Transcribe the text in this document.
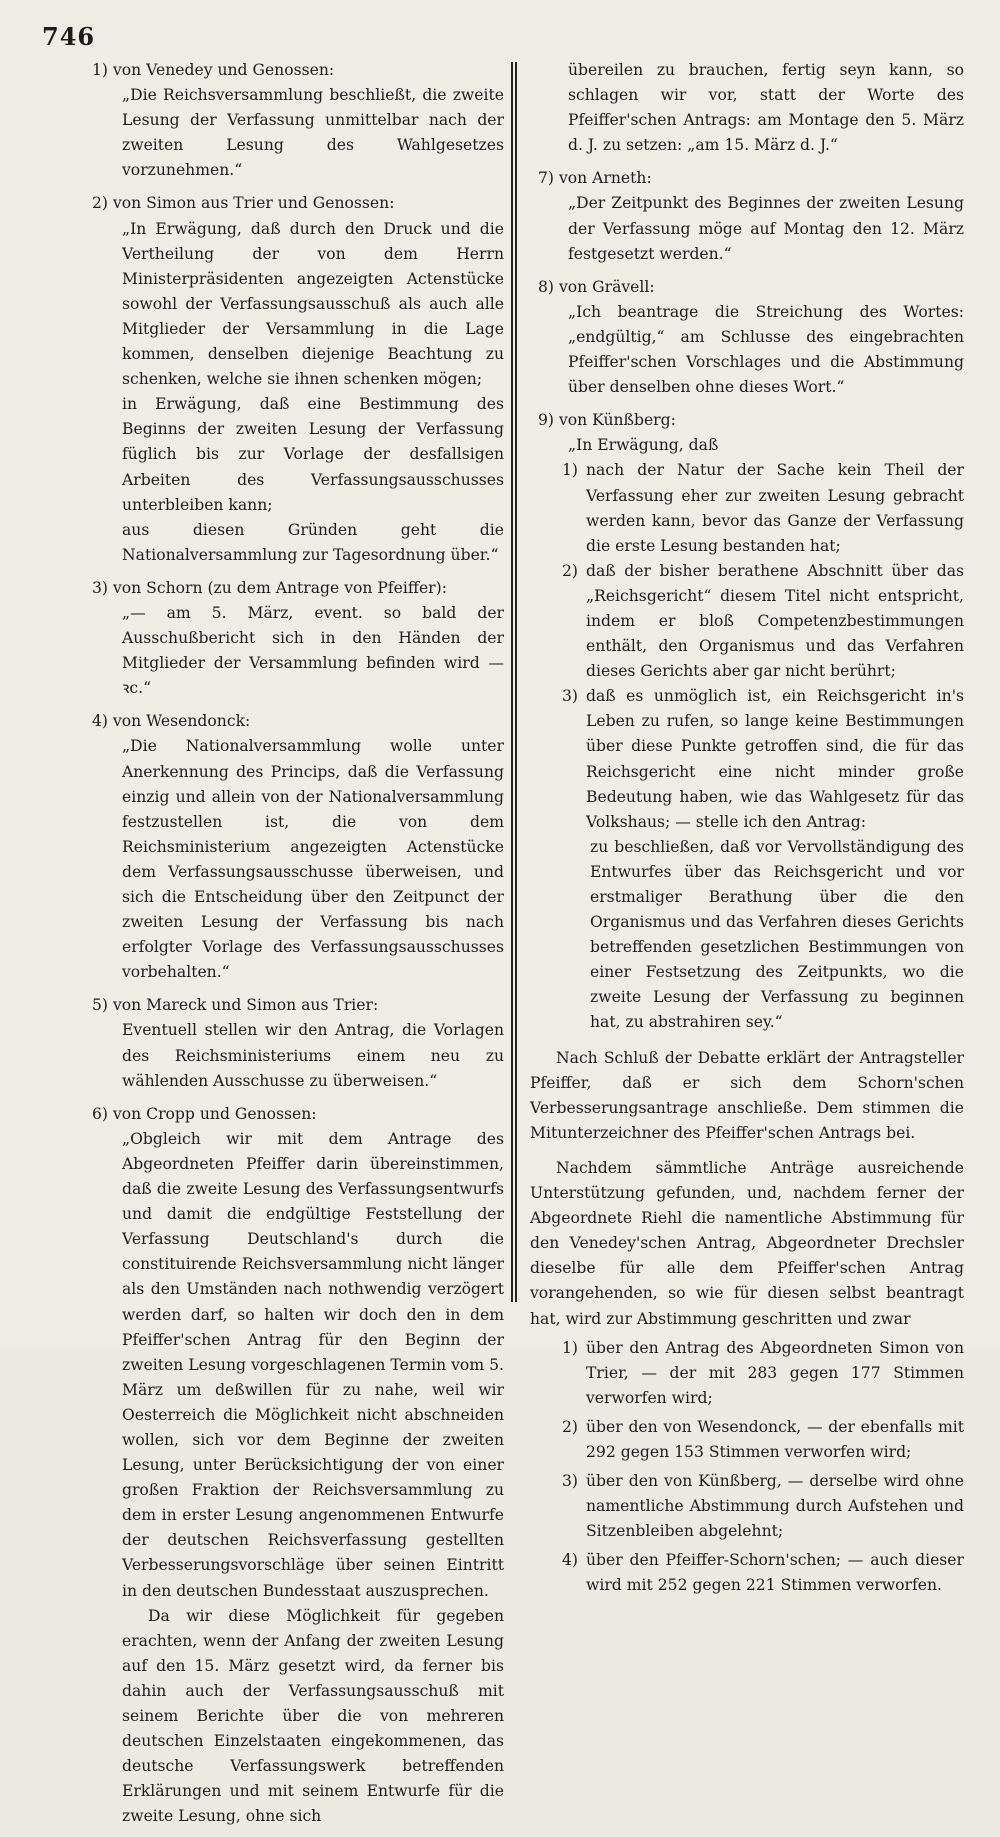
746
1) von Venedey und Genossen:
„Die Reichsversammlung beschließt, die zweite Lesung der Verfassung unmittelbar nach der zweiten Lesung des Wahlgesetzes vorzunehmen.“
2) von Simon aus Trier und Genossen:
„In Erwägung, daß durch den Druck und die Vertheilung der von dem Herrn Ministerpräsidenten angezeigten Actenstücke sowohl der Verfassungsausschuß als auch alle Mitglieder der Versammlung in die Lage kommen, denselben diejenige Beachtung zu schenken, welche sie ihnen schenken mögen;
in Erwägung, daß eine Bestimmung des Beginns der zweiten Lesung der Verfassung füglich bis zur Vorlage der desfallsigen Arbeiten des Verfassungsausschusses unterbleiben kann;
aus diesen Gründen geht die Nationalversammlung zur Tagesordnung über.“
3) von Schorn (zu dem Antrage von Pfeiffer):
„— am 5. März, event. so bald der Ausschußbericht sich in den Händen der Mitglieder der Versammlung befinden wird — ꝛc.“
4) von Wesendonck:
„Die Nationalversammlung wolle unter Anerkennung des Princips, daß die Verfassung einzig und allein von der Nationalversammlung festzustellen ist, die von dem Reichsministerium angezeigten Actenstücke dem Verfassungsausschusse überweisen, und sich die Entscheidung über den Zeitpunct der zweiten Lesung der Verfassung bis nach erfolgter Vorlage des Verfassungsausschusses vorbehalten.“
5) von Mareck und Simon aus Trier:
Eventuell stellen wir den Antrag, die Vorlagen des Reichsministeriums einem neu zu wählenden Ausschusse zu überweisen.“
6) von Cropp und Genossen:
„Obgleich wir mit dem Antrage des Abgeordneten Pfeiffer darin übereinstimmen, daß die zweite Lesung des Verfassungsentwurfs und damit die endgültige Feststellung der Verfassung Deutschland's durch die constituirende Reichsversammlung nicht länger als den Umständen nach nothwendig verzögert werden darf, so halten wir doch den in dem Pfeiffer'schen Antrag für den Beginn der zweiten Lesung vorgeschlagenen Termin vom 5. März um deßwillen für zu nahe, weil wir Oesterreich die Möglichkeit nicht abschneiden wollen, sich vor dem Beginne der zweiten Lesung, unter Berücksichtigung der von einer großen Fraktion der Reichsversammlung zu dem in erster Lesung angenommenen Entwurfe der deutschen Reichsverfassung gestellten Verbesserungsvorschläge über seinen Eintritt in den deutschen Bundesstaat auszusprechen.
Da wir diese Möglichkeit für gegeben erachten, wenn der Anfang der zweiten Lesung auf den 15. März gesetzt wird, da ferner bis dahin auch der Verfassungsausschuß mit seinem Berichte über die von mehreren deutschen Einzelstaaten eingekommenen, das deutsche Verfassungswerk betreffenden Erklärungen und mit seinem Entwurfe für die zweite Lesung, ohne sich
übereilen zu brauchen, fertig seyn kann, so schlagen wir vor, statt der Worte des Pfeiffer'schen Antrags: am Montage den 5. März d. J. zu setzen: „am 15. März d. J.“
7) von Arneth:
„Der Zeitpunkt des Beginnes der zweiten Lesung der Verfassung möge auf Montag den 12. März festgesetzt werden.“
8) von Grävell:
„Ich beantrage die Streichung des Wortes: „endgültig,“ am Schlusse des eingebrachten Pfeiffer'schen Vorschlages und die Abstimmung über denselben ohne dieses Wort.“
9) von Künßberg:
„In Erwägung, daß
1) nach der Natur der Sache kein Theil der Verfassung eher zur zweiten Lesung gebracht werden kann, bevor das Ganze der Verfassung die erste Lesung bestanden hat;
2) daß der bisher berathene Abschnitt über das „Reichsgericht“ diesem Titel nicht entspricht, indem er bloß Competenzbestimmungen enthält, den Organismus und das Verfahren dieses Gerichts aber gar nicht berührt;
3) daß es unmöglich ist, ein Reichsgericht in's Leben zu rufen, so lange keine Bestimmungen über diese Punkte getroffen sind, die für das Reichsgericht eine nicht minder große Bedeutung haben, wie das Wahlgesetz für das Volkshaus; — stelle ich den Antrag:
zu beschließen, daß vor Vervollständigung des Entwurfes über das Reichsgericht und vor erstmaliger Berathung über die den Organismus und das Verfahren dieses Gerichts betreffenden gesetzlichen Bestimmungen von einer Festsetzung des Zeitpunkts, wo die zweite Lesung der Verfassung zu beginnen hat, zu abstrahiren sey.“
Nach Schluß der Debatte erklärt der Antragsteller Pfeiffer, daß er sich dem Schorn'schen Verbesserungsantrage anschließe. Dem stimmen die Mitunterzeichner des Pfeiffer'schen Antrags bei.
Nachdem sämmtliche Anträge ausreichende Unterstützung gefunden, und, nachdem ferner der Abgeordnete Riehl die namentliche Abstimmung für den Venedey'schen Antrag, Abgeordneter Drechsler dieselbe für alle dem Pfeiffer'schen Antrag vorangehenden, so wie für diesen selbst beantragt hat, wird zur Abstimmung geschritten und zwar
1) über den Antrag des Abgeordneten Simon von Trier, — der mit 283 gegen 177 Stimmen verworfen wird;
2) über den von Wesendonck, — der ebenfalls mit 292 gegen 153 Stimmen verworfen wird;
3) über den von Künßberg, — derselbe wird ohne namentliche Abstimmung durch Aufstehen und Sitzenbleiben abgelehnt;
4) über den Pfeiffer-Schorn'schen; — auch dieser wird mit 252 gegen 221 Stimmen verworfen.
